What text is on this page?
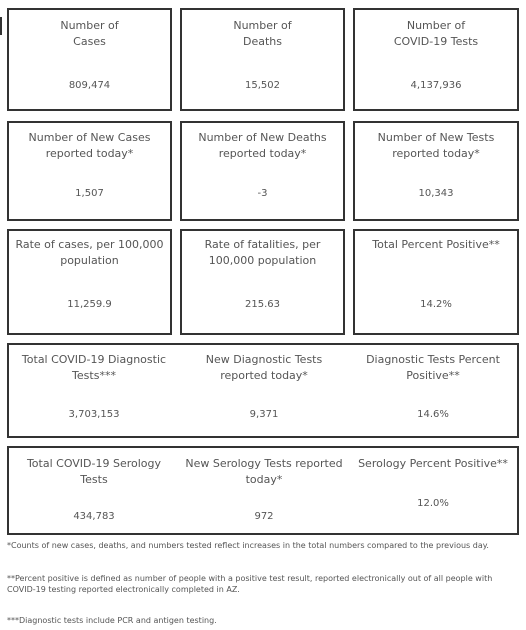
Number of
Cases
809,474
Number of
Deaths
15,502
Number of
COVID-19 Tests
4,137,936
Number of New Cases
reported today*
1,507
Number of New Deaths
reported today*
-3
Number of New Tests
reported today*
10,343
Rate of cases, per 100,000
population
11,259.9
Rate of fatalities, per
100,000 population
215.63
Total Percent Positive**
14.2%
Total COVID-19 Diagnostic
Tests***
3,703,153
New Diagnostic Tests
reported today*
9,371
Diagnostic Tests Percent
Positive**
14.6%
Total COVID-19 Serology
Tests
434,783
New Serology Tests reported
today*
972
Serology Percent Positive**
12.0%
*Counts of new cases, deaths, and numbers tested reflect increases in the total numbers compared to the previous day.
**Percent positive is defined as number of people with a positive test result, reported electronically out of all people with COVID-19 testing reported electronically completed in AZ.
***Diagnostic tests include PCR and antigen testing.
